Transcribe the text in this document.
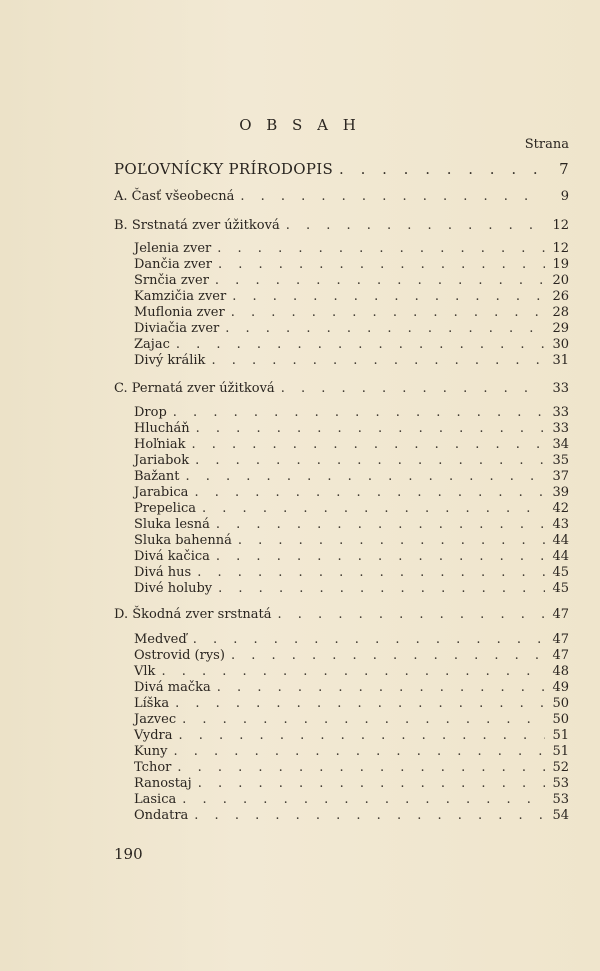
O B S A H
Strana
POĽOVNÍCKY PRÍRODOPIS . . .	7
A. Časť všeobecná . . .	9
B. Srstnatá zver úžitková . . .	12
Jelenia zver . . .	12
Dančia zver . . .	19
Srnčia zver . . .	20
Kamzičia zver . . .	26
Muflonia zver . . .	28
Diviačia zver . . .	29
Zajac . . .	30
Divý králik . . .	31
C. Pernatá zver úžitková . . .	33
Drop . . .	33
Hlucháň . . .	33
Hoľniak . . .	34
Jariabok . . .	35
Bažant . . .	37
Jarabica . . .	39
Prepelica . . .	42
Sluka lesná . . .	43
Sluka bahenná . . .	44
Divá kačica . . .	44
Divá hus . . .	45
Divé holuby . . .	45
D. Škodná zver srstnatá . . .	47
Medveď . . .	47
Ostrovid (rys) . . .	47
Vlk . . .	48
Divá mačka . . .	49
Líška . . .	50
Jazvec . . .	50
Vydra . . .	51
Kuny . . .	51
Tchor . . .	52
Ranostaj . . .	53
Lasica . . .	53
Ondatra . . .	54
190
